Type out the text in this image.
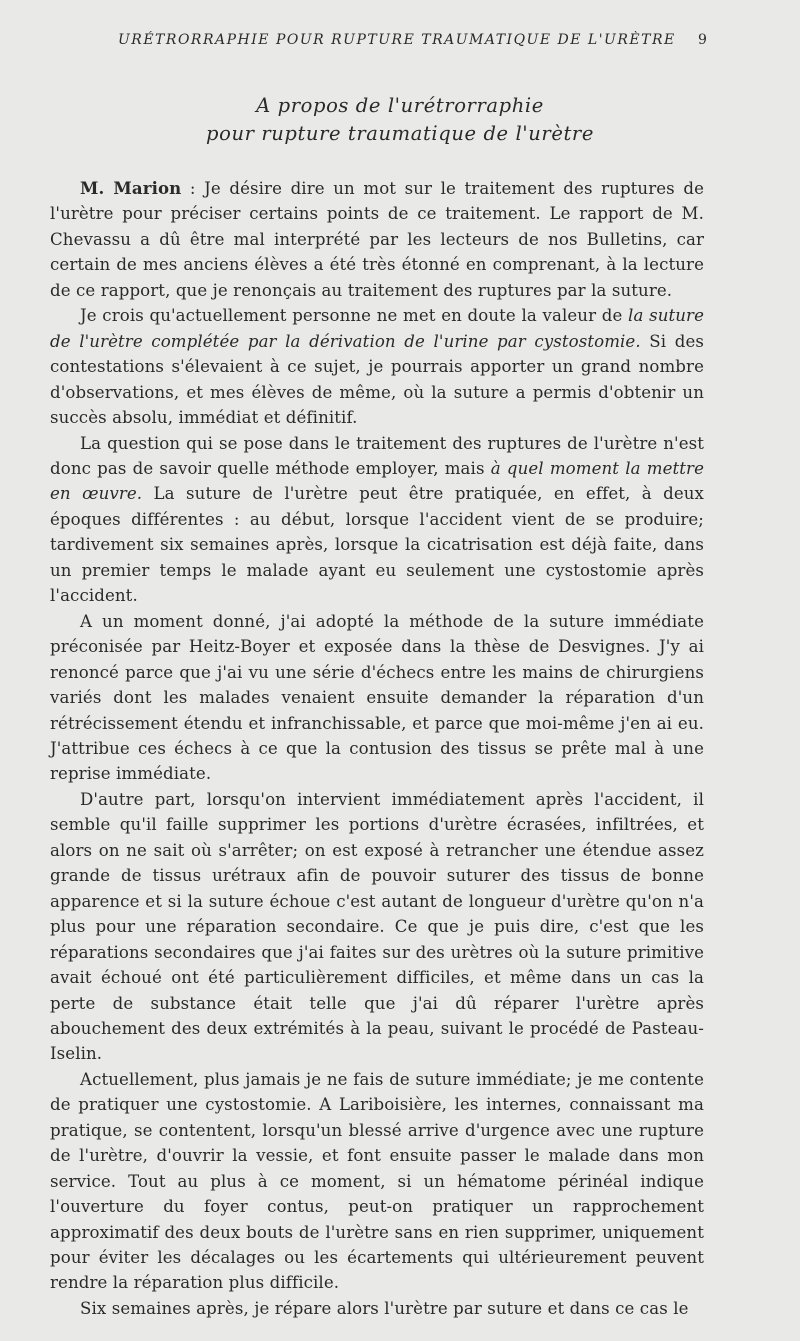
URÉTRORRAPHIE POUR RUPTURE TRAUMATIQUE DE L'URÈTRE 9
A propos de l'urétrorraphie
pour rupture traumatique de l'urètre

M. Marion : Je désire dire un mot sur le traitement des ruptures de l'urètre pour préciser certains points de ce traitement. Le rapport de M. Chevassu a dû être mal interprété par les lecteurs de nos Bulletins, car certain de mes anciens élèves a été très étonné en comprenant, à la lecture de ce rapport, que je renonçais au traitement des ruptures par la suture.

Je crois qu'actuellement personne ne met en doute la valeur de la suture de l'urètre complétée par la dérivation de l'urine par cystostomie. Si des contestations s'élevaient à ce sujet, je pourrais apporter un grand nombre d'observations, et mes élèves de même, où la suture a permis d'obtenir un succès absolu, immédiat et définitif.

La question qui se pose dans le traitement des ruptures de l'urètre n'est donc pas de savoir quelle méthode employer, mais à quel moment la mettre en œuvre. La suture de l'urètre peut être pratiquée, en effet, à deux époques différentes : au début, lorsque l'accident vient de se produire; tardivement six semaines après, lorsque la cicatrisation est déjà faite, dans un premier temps le malade ayant eu seulement une cystostomie après l'accident.

A un moment donné, j'ai adopté la méthode de la suture immédiate préconisée par Heitz-Boyer et exposée dans la thèse de Desvignes. J'y ai renoncé parce que j'ai vu une série d'échecs entre les mains de chirurgiens variés dont les malades venaient ensuite demander la réparation d'un rétrécissement étendu et infranchissable, et parce que moi-même j'en ai eu. J'attribue ces échecs à ce que la contusion des tissus se prête mal à une reprise immédiate.

D'autre part, lorsqu'on intervient immédiatement après l'accident, il semble qu'il faille supprimer les portions d'urètre écrasées, infiltrées, et alors on ne sait où s'arrêter; on est exposé à retrancher une étendue assez grande de tissus urétraux afin de pouvoir suturer des tissus de bonne apparence et si la suture échoue c'est autant de longueur d'urètre qu'on n'a plus pour une réparation secondaire. Ce que je puis dire, c'est que les réparations secondaires que j'ai faites sur des urètres où la suture primitive avait échoué ont été particulièrement difficiles, et même dans un cas la perte de substance était telle que j'ai dû réparer l'urètre après abouchement des deux extrémités à la peau, suivant le procédé de Pasteau-Iselin.

Actuellement, plus jamais je ne fais de suture immédiate; je me contente de pratiquer une cystostomie. A Lariboisière, les internes, connaissant ma pratique, se contentent, lorsqu'un blessé arrive d'urgence avec une rupture de l'urètre, d'ouvrir la vessie, et font ensuite passer le malade dans mon service. Tout au plus à ce moment, si un hématome périnéal indique l'ouverture du foyer contus, peut-on pratiquer un rapprochement approximatif des deux bouts de l'urètre sans en rien supprimer, uniquement pour éviter les décalages ou les écartements qui ultérieurement peuvent rendre la réparation plus difficile.

Six semaines après, je répare alors l'urètre par suture et dans ce cas le
